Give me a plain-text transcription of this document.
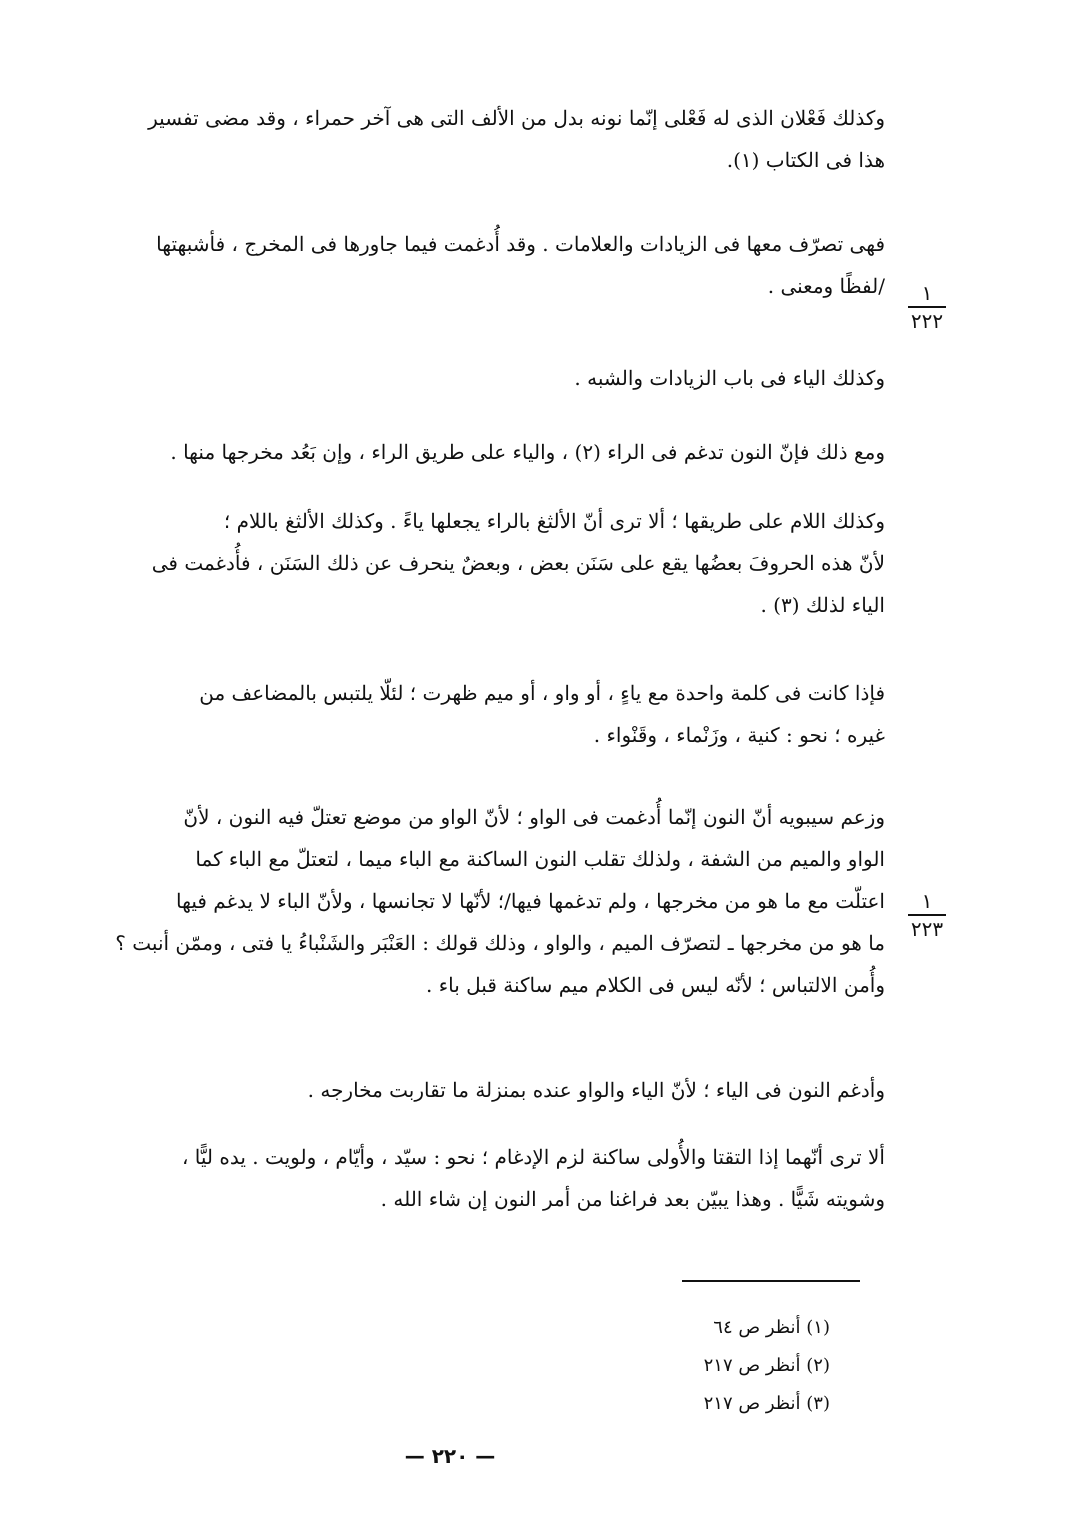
وكذلك فَعْلان الذى له فَعْلى إنّما نونه بدل من الألف التى هى آخر حمراء ، وقد مضى تفسير
هذا فى الكتاب (١).
فهى تصرّف معها فى الزيادات والعلامات . وقد أُدغمت فيما جاورها فى المخرج ، فأشبهتها
/لفظًا ومعنى .	١
٢٢٢
وكذلك الياء فى باب الزيادات والشبه .
ومع ذلك فإنّ النون تدغم فى الراء (٢) ، والياء على طريق الراء ، وإن بَعُد مخرجها منها .
وكذلك اللام على طريقها ؛ ألا ترى أنّ الألثغ بالراء يجعلها ياءً . وكذلك الألثغ باللام ؛
لأنّ هذه الحروفَ بعضُها يقع على سَنَن بعض ، وبعضٌ ينحرف عن ذلك السَنَن ، فأُدغمت فى
الياء لذلك (٣) .
فإذا كانت فى كلمة واحدة مع ياءٍ ، أو واو ، أو ميم ظهرت ؛ لئلّا يلتبس بالمضاعف من
غيره ؛ نحو : كنية ، وزَنْماء ، وقَنْواء .
وزعم سيبويه أنّ النون إنّما أُدغمت فى الواو ؛ لأنّ الواو من موضع تعتلّ فيه النون ، لأنّ
الواو والميم من الشفة ، ولذلك تقلب النون الساكنة مع الباء ميما ، لتعتلّ مع الباء كما
اعتلّت مع ما هو من مخرجها ، ولم تدغمها فيها/؛ لأنّها لا تجانسها ، ولأنّ الباء لا يدغم فيها
ما هو من مخرجها ـ لتصرّف الميم ، والواو ، وذلك قولك : العَنْبَر والشَنْباءُ يا فتى ، وممّن أنبت ؟
وأُمن الالتباس ؛ لأنّه ليس فى الكلام ميم ساكنة قبل باء .
١
٢٢٣
وأدغم النون فى الياء ؛ لأنّ الياء والواو عنده بمنزلة ما تقاربت مخارجه .
ألا ترى أنّهما إذا التقتا والأُولى ساكنة لزم الإدغام ؛ نحو : سيّد ، وأيّام ، ولويت . يده ليًّا ،
وشويته شَيًّا . وهذا يبيّن بعد فراغنا من أمر النون إن شاء الله .
(١) أنظر ص ٦٤
(٢) أنظر ص ٢١٧
(٣) أنظر ص ٢١٧
— ٢٢٠ —
